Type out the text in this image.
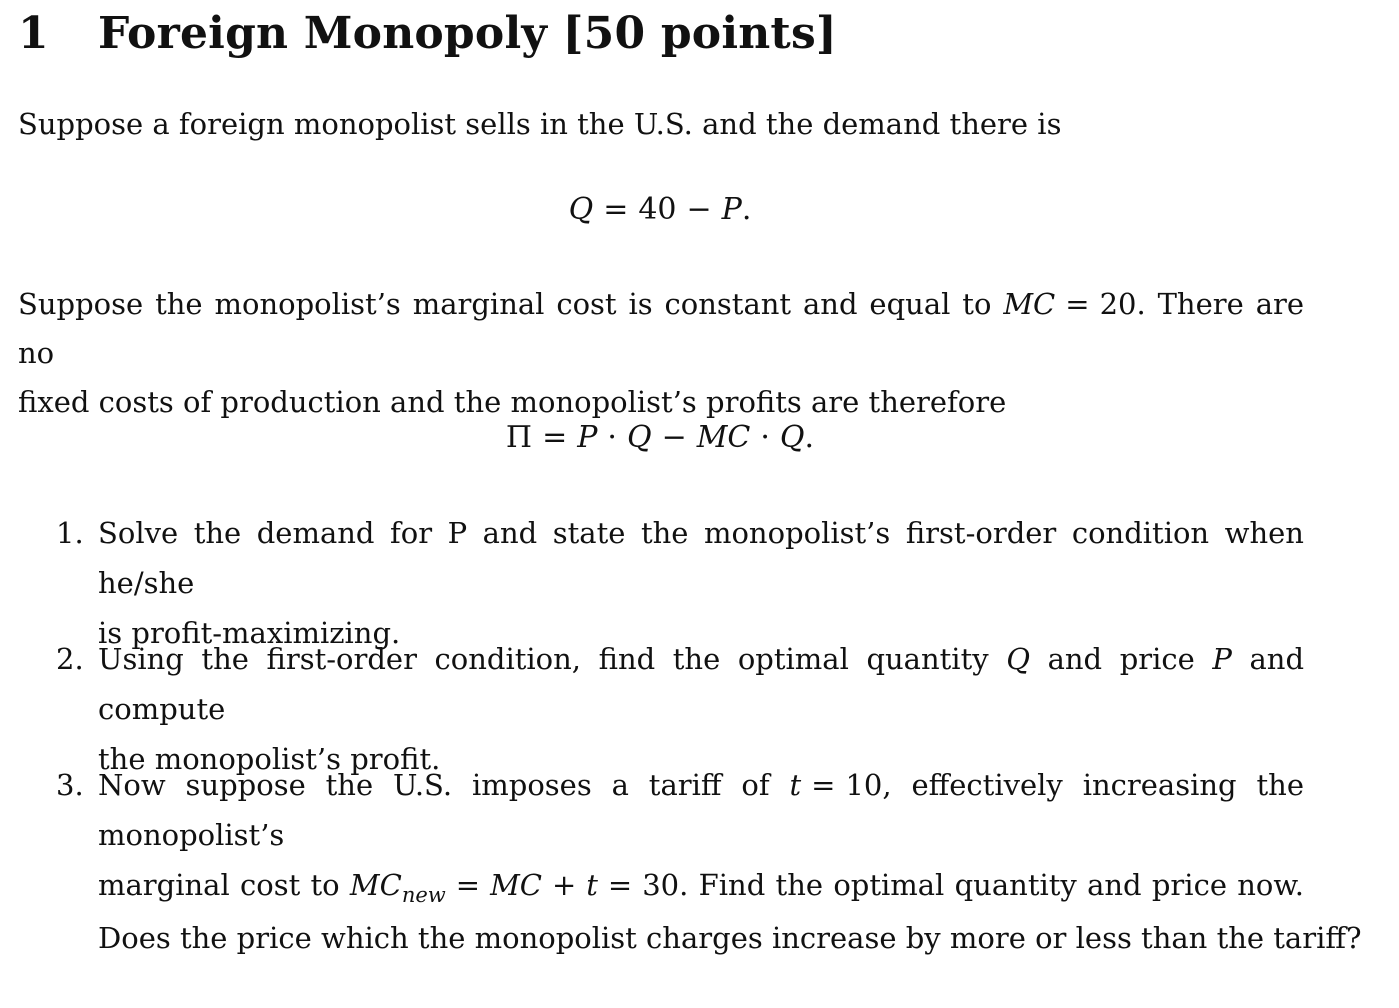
1 Foreign Monopoly [50 points]
Suppose a foreign monopolist sells in the U.S. and the demand there is
Q = 40 − P.
Suppose the monopolist’s marginal cost is constant and equal to MC = 20. There are no
fixed costs of production and the monopolist’s profits are therefore
Π = P · Q − MC · Q.
1. Solve the demand for P and state the monopolist’s first-order condition when he/she
is profit-maximizing.
2. Using the first-order condition, find the optimal quantity Q and price P and compute
the monopolist’s profit.
3. Now suppose the U.S. imposes a tariff of t = 10, effectively increasing the monopolist’s
marginal cost to $MC_{new}$ = MC + t = 30. Find the optimal quantity and price now.
Does the price which the monopolist charges increase by more or less than the tariff?
